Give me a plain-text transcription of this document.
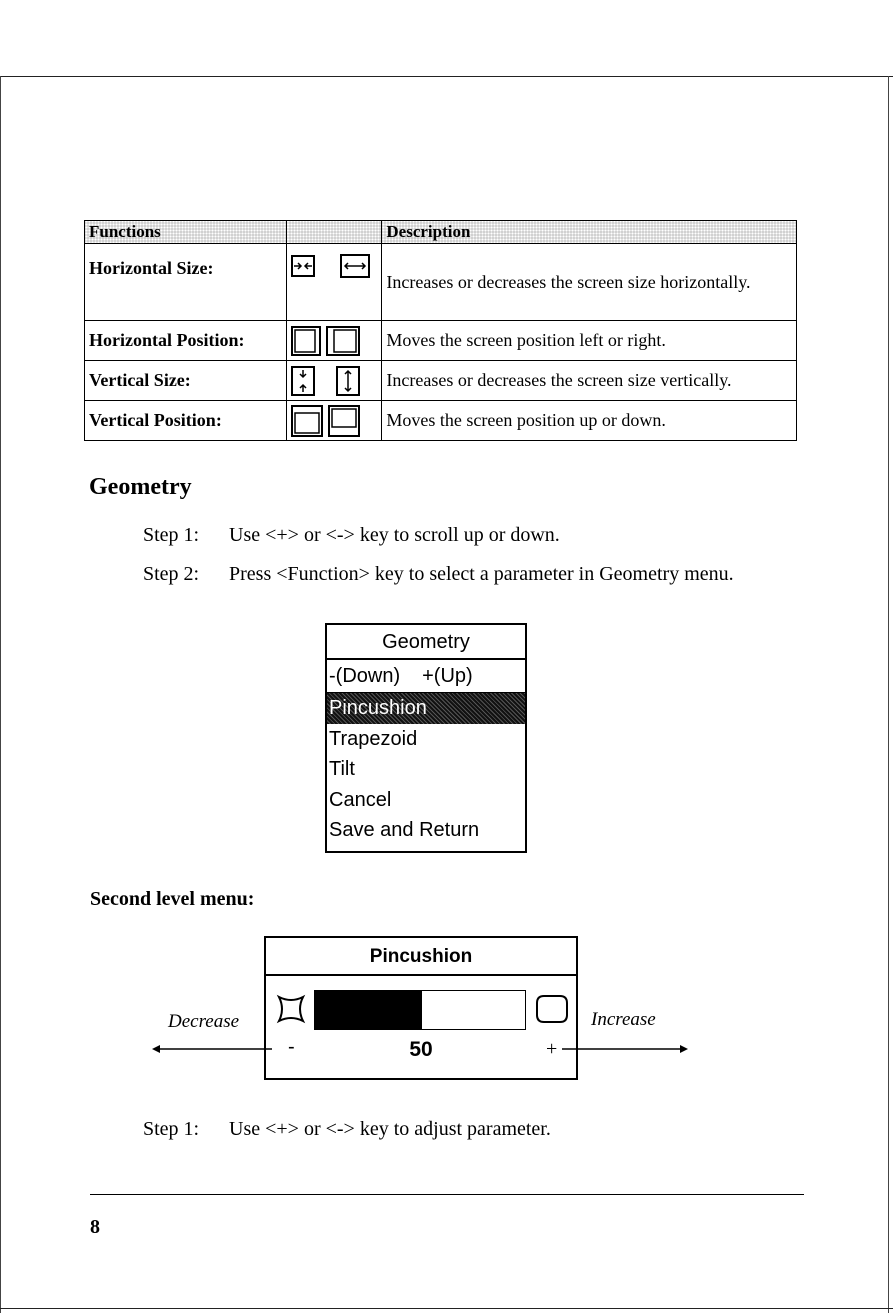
Functions		Description
Horizontal Size:		Increases or decreases the screen size horizontally.
Horizontal Position:		Moves the screen position left or right.
Vertical Size:		Increases or decreases the screen size vertically.
Vertical Position:		Moves the screen position up or down.
Geometry
Step 1: Use <+> or <-> key to scroll up or down.
Step 2: Press <Function> key to select a parameter in Geometry menu.
Geometry
-(Down) +(Up)
Pincushion
Trapezoid
Tilt
Cancel
Save and Return
Second level menu:
Pincushion
-	50	+
Decrease	Increase
Step 1: Use <+> or <-> key to adjust parameter.
8
